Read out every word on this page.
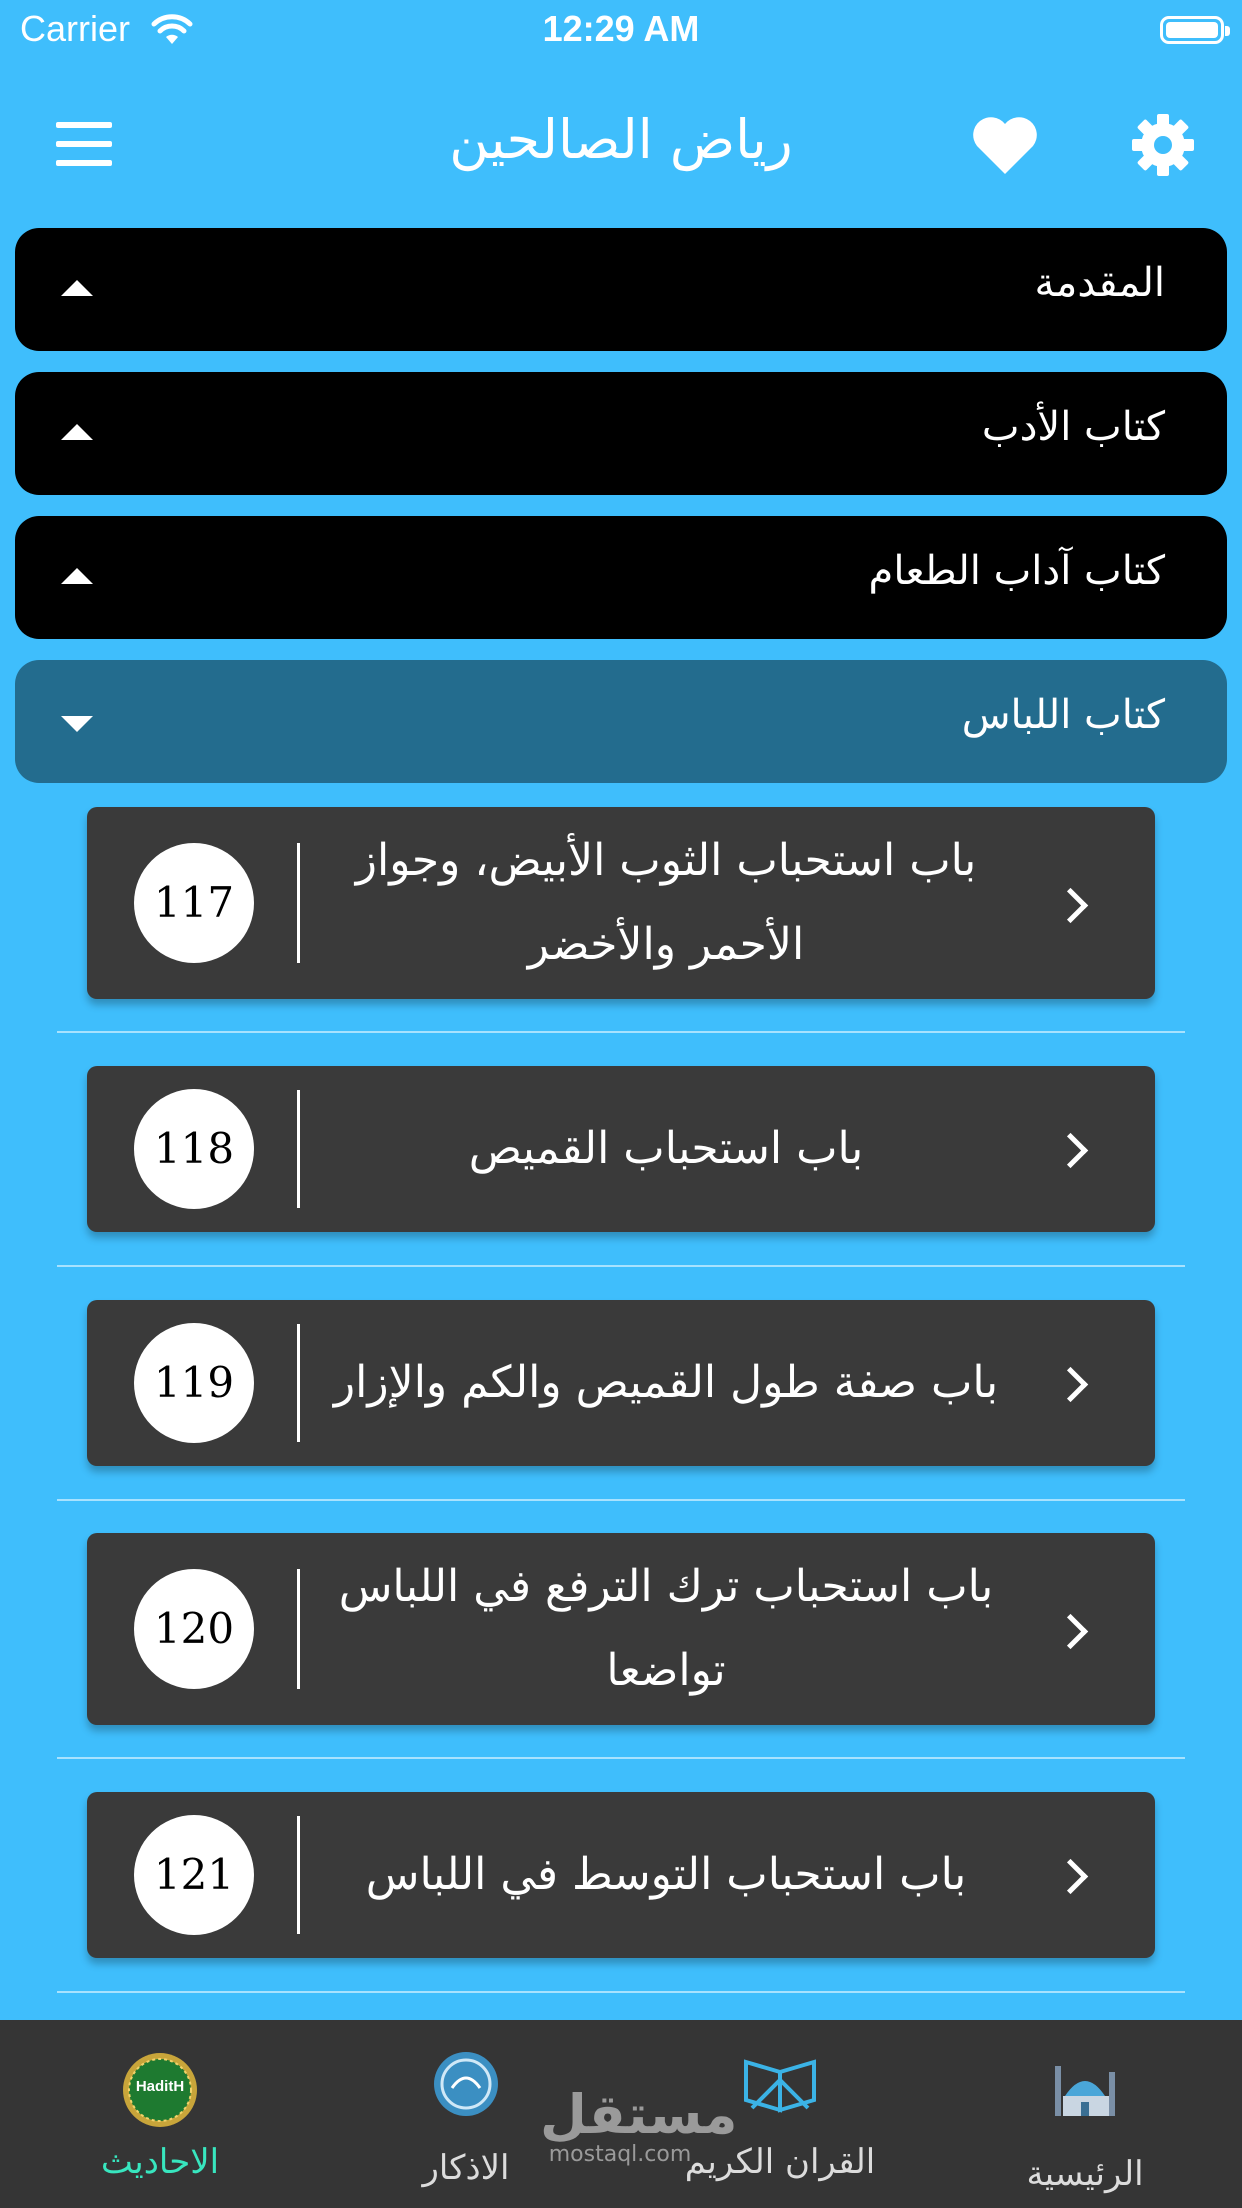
Carrier	12:29 AM
رياض الصالحين
المقدمة
كتاب الأدب
كتاب آداب الطعام
كتاب اللباس
باب استحباب الثوب الأبيض، وجواز الأحمر والأخضر
117
باب استحباب القميص
118
باب صفة طول القميص والكم والإزار
119
باب استحباب ترك الترفع في اللباس تواضعا
120
باب استحباب التوسط في اللباس
121
HaditH
الاحاديث	الاذكار	القران الكريم	الرئيسية
مستقل
mostaql.com
